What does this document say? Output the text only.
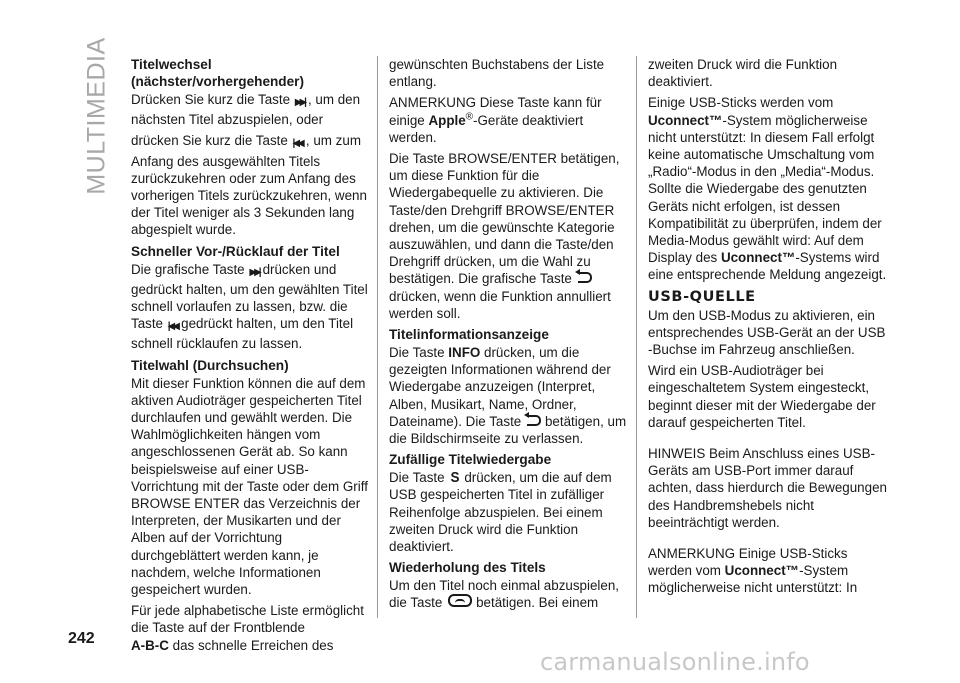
MULTIMEDIA Titelwechsel
(nächster/vorhergehender)

Drücken Sie kurz die Taste ▶▶| , um den nächsten Titel abzuspielen, oder

drücken Sie kurz die Taste |◀◀ , um zum Anfang des ausgewählten Titels zurückzukehren oder zum Anfang des vorherigen Titels zurückzukehren, wenn der Titel weniger als 3 Sekunden lang abgespielt wurde.

Schneller Vor-/Rücklauf der Titel

Die grafische Taste ▶▶| drücken und gedrückt halten, um den gewählten Titel schnell vorlaufen zu lassen, bzw. die Taste |◀◀ gedrückt halten, um den Titel schnell rücklaufen zu lassen.

Titelwahl (Durchsuchen)

Mit dieser Funktion können die auf dem aktiven Audioträger gespeicherten Titel durchlaufen und gewählt werden. Die Wahlmöglichkeiten hängen vom angeschlossenen Gerät ab. So kann beispielsweise auf einer USB-Vorrichtung mit der Taste oder dem Griff BROWSE ENTER das Verzeichnis der Interpreten, der Musikarten und der Alben auf der Vorrichtung durchgeblättert werden kann, je nachdem, welche Informationen gespeichert wurden.

Für jede alphabetische Liste ermöglicht die Taste auf der Frontblende
A-B-C das schnelle Erreichen des

gewünschten Buchstabens der Liste entlang.

ANMERKUNG Diese Taste kann für einige Apple®-Geräte deaktiviert werden.

Die Taste BROWSE/ENTER betätigen, um diese Funktion für die Wiedergabequelle zu aktivieren. Die Taste/den Drehgriff BROWSE/ENTER drehen, um die gewünschte Kategorie auszuwählen, und dann die Taste/den Drehgriff drücken, um die Wahl zu bestätigen. Die grafische Taste drücken, wenn die Funktion annulliert werden soll.

Titelinformationsanzeige

Die Taste INFO drücken, um die gezeigten Informationen während der Wiedergabe anzuzeigen (Interpret, Alben, Musikart, Name, Ordner, Dateiname). Die Taste betätigen, um die Bildschirmseite zu verlassen.

Zufällige Titelwiedergabe

Die Taste S drücken, um die auf dem USB gespeicherten Titel in zufälliger Reihenfolge abzuspielen. Bei einem zweiten Druck wird die Funktion deaktiviert.

Wiederholung des Titels

Um den Titel noch einmal abzuspielen, die Taste	betätigen. Bei einem

zweiten Druck wird die Funktion deaktiviert.

Einige USB-Sticks werden vom Uconnect™-System möglicherweise nicht unterstützt: In diesem Fall erfolgt keine automatische Umschaltung vom „Radio“-Modus in den „Media“-Modus. Sollte die Wiedergabe des genutzten Geräts nicht erfolgen, ist dessen Kompatibilität zu überprüfen, indem der Media-Modus gewählt wird: Auf dem Display des Uconnect™-Systems wird eine entsprechende Meldung angezeigt.

USB-QUELLE

Um den USB-Modus zu aktivieren, ein entsprechendes USB-Gerät an der USB -Buchse im Fahrzeug anschließen.

Wird ein USB-Audioträger bei eingeschaltetem System eingesteckt, beginnt dieser mit der Wiedergabe der darauf gespeicherten Titel.

HINWEIS Beim Anschluss eines USB-Geräts am USB-Port immer darauf achten, dass hierdurch die Bewegungen des Handbremshebels nicht beeinträchtigt werden.

ANMERKUNG Einige USB-Sticks werden vom Uconnect™-System möglicherweise nicht unterstützt: In

242
carmanualsonline.info
